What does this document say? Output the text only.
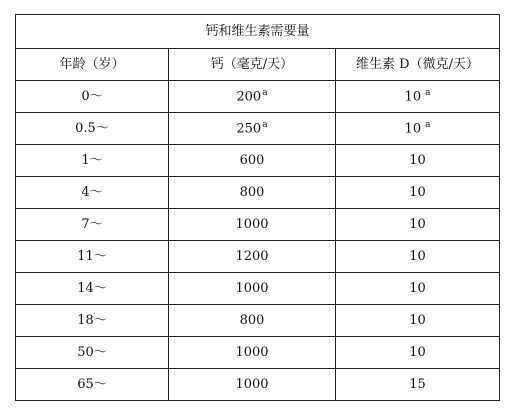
钙和维生素需要量		
年龄（岁）	钙（毫克/天）	维生素 D（微克/天）
0～	200$^a$	10 $^a$
0.5～	250$^a$	10 $^a$
1～	600	10
4～	800	10
7～	1000	10
11～	1200	10
14～	1000	10
18～	800	10
50～	1000	10
65～	1000	15
